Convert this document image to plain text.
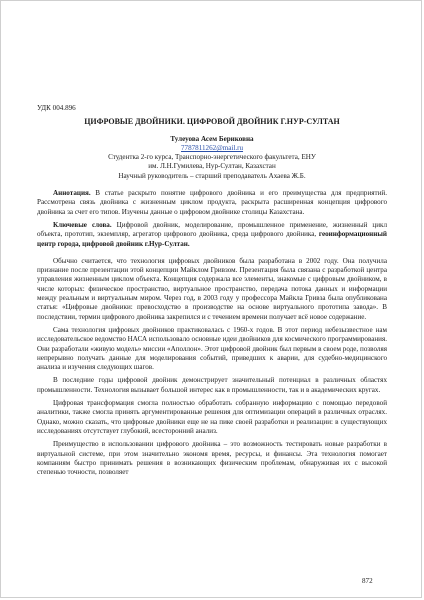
УДК 004.896

ЦИФРОВЫЕ ДВОЙНИКИ. ЦИФРОВОЙ ДВОЙНИК Г.НУР-СУЛТАН

Тулеуова Асем Бериковна

7787811262@mail.ru

Студентка 2-го курса, Транспорно-энергетического факультета, ЕНУ

им. Л.Н.Гумилева, Нур-Султан, Казахстан

Научный руководитель – старший преподаватель Ахаева Ж.Б.

Аннотация. В статье раскрыто понятие цифрового двойника и его преимущества для предприятий. Рассмотрена связь двойника с жизненным циклом продукта, раскрыта расширенная концепция цифрового двойника за счет его типов. Изучены данные о цифровом двойнике столицы Казахстана.

Ключевые слова. Цифровой двойник, моделирование, промышленное применение, жизненный цикл объекта, прототип, экземпляр, агрегатор цифрового двойника, среда цифрового двойника, геоинформационный центр города, цифровой двойник г.Нур-Султан.

Обычно считается, что технология цифровых двойников была разработана в 2002 году. Она получила признание после презентации этой концепции Майклом Гривзом. Презентация была связана с разработкой центра управления жизненным циклом объекта. Концепция содержала все элементы, знакомые с цифровым двойником, в числе которых: физическое пространство, виртуальное пространство, передача потока данных и информации между реальным и виртуальным миром. Через год, в 2003 году у профессора Майкла Гривза была опубликована статья: «Цифровые двойники: превосходство в производстве на основе виртуального прототипа завода». В последствии, термин цифрового двойника закрепился и с течением времени получает всё новое содержание.

Сама технология цифровых двойников практиковалась с 1960-х годов. В этот период небезызвестное нам исследовательское ведомство НАСА использовало основные идеи двойников для космического программирования. Они разработали «живую модель» миссии «Аполлон». Этот цифровой двойник был первым в своем роде, позволяя непрерывно получать данные для моделирования событий, приведших к аварии, для судебно-медицинского анализа и изучения следующих шагов.

В последние годы цифровой двойник демонстрирует значительный потенциал в различных областях промышленности. Технология вызывает большой интерес как в промышленности, так и в академических кругах.

Цифровая трансформация смогла полностью обработать собранную информацию с помощью передовой аналитики, также смогла принять аргументированные решения для оптимизации операций в различных отраслях. Однако, можно сказать, что цифровые двойники еще не на пике своей разработки и реализации: в существующих исследованиях отсутствует глубокий, всесторонний анализ.

Преимущество в использовании цифрового двойника – это возможность тестировать новые разработки в виртуальной системе, при этом значительно экономя время, ресурсы, и финансы. Эта технология помогает компаниям быстро принимать решения в возникающих физическим проблемам, обнаруживая их с высокой степенью точности, позволяет

872
